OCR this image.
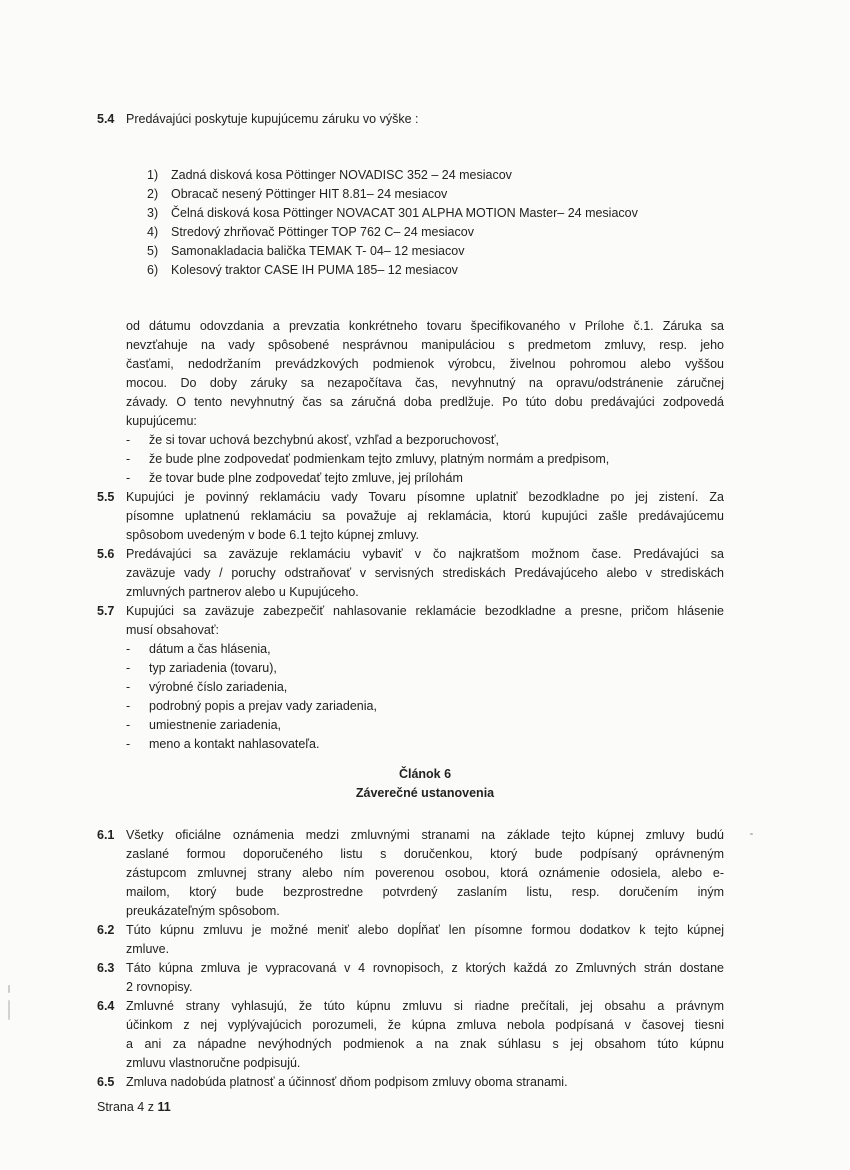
5.4 Predávajúci poskytuje kupujúcemu záruku vo výške :
1) Zadná disková kosa Pöttinger NOVADISC 352 – 24 mesiacov
2) Obracač nesený Pöttinger HIT 8.81– 24 mesiacov
3) Čelná disková kosa Pöttinger NOVACAT 301 ALPHA MOTION Master– 24 mesiacov
4) Stredový zhrňovač Pöttinger TOP 762 C– 24 mesiacov
5) Samonakladacia balička TEMAK T- 04– 12 mesiacov
6) Kolesový traktor CASE IH PUMA 185– 12 mesiacov
od dátumu odovzdania a prevzatia konkrétneho tovaru špecifikovaného v Prílohe č.1. Záruka sa
nevzťahuje na vady spôsobené nesprávnou manipuláciou s predmetom zmluvy, resp. jeho
časťami, nedodržaním prevádzkových podmienok výrobcu, živelnou pohromou alebo vyššou
mocou. Do doby záruky sa nezapočítava čas, nevyhnutný na opravu/odstránenie záručnej
závady. O tento nevyhnutný čas sa záručná doba predlžuje. Po túto dobu predávajúci zodpovedá
kupujúcemu:
- že si tovar uchová bezchybnú akosť, vzhľad a bezporuchovosť,
- že bude plne zodpovedať podmienkam tejto zmluvy, platným normám a predpisom,
- že tovar bude plne zodpovedať tejto zmluve, jej prílohám
5.5 Kupujúci je povinný reklamáciu vady Tovaru písomne uplatniť bezodkladne po jej zistení. Za
písomne uplatnenú reklamáciu sa považuje aj reklamácia, ktorú kupujúci zašle predávajúcemu
spôsobom uvedeným v bode 6.1 tejto kúpnej zmluvy.
5.6 Predávajúci sa zaväzuje reklamáciu vybaviť v čo najkratšom možnom čase. Predávajúci sa
zaväzuje vady / poruchy odstraňovať v servisných strediskách Predávajúceho alebo v strediskách
zmluvných partnerov alebo u Kupujúceho.
5.7 Kupujúci sa zaväzuje zabezpečiť nahlasovanie reklamácie bezodkladne a presne, pričom hlásenie
musí obsahovať:
- dátum a čas hlásenia,
- typ zariadenia (tovaru),
- výrobné číslo zariadenia,
- podrobný popis a prejav vady zariadenia,
- umiestnenie zariadenia,
- meno a kontakt nahlasovateľa.
Článok 6
Záverečné ustanovenia
6.1 Všetky oficiálne oznámenia medzi zmluvnými stranami na základe tejto kúpnej zmluvy budú
zaslané formou doporučeného listu s doručenkou, ktorý bude podpísaný oprávneným
zástupcom zmluvnej strany alebo ním poverenou osobou, ktorá oznámenie odosiela, alebo e-
mailom, ktorý bude bezprostredne potvrdený zaslaním listu, resp. doručením iným
preukázateľným spôsobom.
6.2 Túto kúpnu zmluvu je možné meniť alebo dopĺňať len písomne formou dodatkov k tejto kúpnej
zmluve.
6.3 Táto kúpna zmluva je vypracovaná v 4 rovnopisoch, z ktorých každá zo Zmluvných strán dostane
2 rovnopisy.
6.4 Zmluvné strany vyhlasujú, že túto kúpnu zmluvu si riadne prečítali, jej obsahu a právnym
účinkom z nej vyplývajúcich porozumeli, že kúpna zmluva nebola podpísaná v časovej tiesni
a ani za nápadne nevýhodných podmienok a na znak súhlasu s jej obsahom túto kúpnu
zmluvu vlastnoručne podpisujú.
6.5 Zmluva nadobúda platnosť a účinnosť dňom podpisom zmluvy oboma stranami.
Strana 4 z 11
